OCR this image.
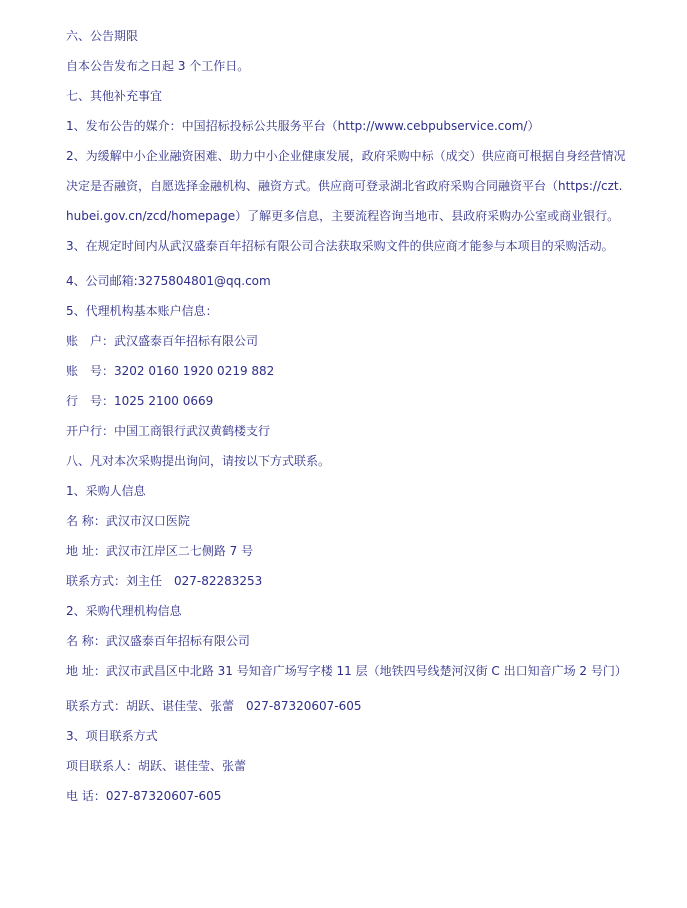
六、公告期限
自本公告发布之日起 3 个工作日。
七、其他补充事宜
1、发布公告的媒介：中国招标投标公共服务平台（http://www.cebpubservice.com/）
2、为缓解中小企业融资困难、助力中小企业健康发展，政府采购中标（成交）供应商可根据自身经营情况决定是否融资，自愿选择金融机构、融资方式。供应商可登录湖北省政府采购合同融资平台（https://czt.hubei.gov.cn/zcd/homepage）了解更多信息，主要流程咨询当地市、县政府采购办公室或商业银行。
3、在规定时间内从武汉盛泰百年招标有限公司合法获取采购文件的供应商才能参与本项目的采购活动。
4、公司邮箱:3275804801@qq.com
5、代理机构基本账户信息：
账　户：武汉盛泰百年招标有限公司
账　号：3202 0160 1920 0219 882
行　号：1025 2100 0669
开户行：中国工商银行武汉黄鹤楼支行
八、凡对本次采购提出询问，请按以下方式联系。
1、采购人信息
名 称：武汉市汉口医院
地 址：武汉市江岸区二七侧路 7 号
联系方式：刘主任　027-82283253
2、采购代理机构信息
名 称：武汉盛泰百年招标有限公司
地 址：武汉市武昌区中北路 31 号知音广场写字楼 11 层（地铁四号线楚河汉街 C 出口知音广场 2 号门）
联系方式：胡跃、谌佳莹、张蕾　027-87320607-605
3、项目联系方式
项目联系人：胡跃、谌佳莹、张蕾
电 话：027-87320607-605
